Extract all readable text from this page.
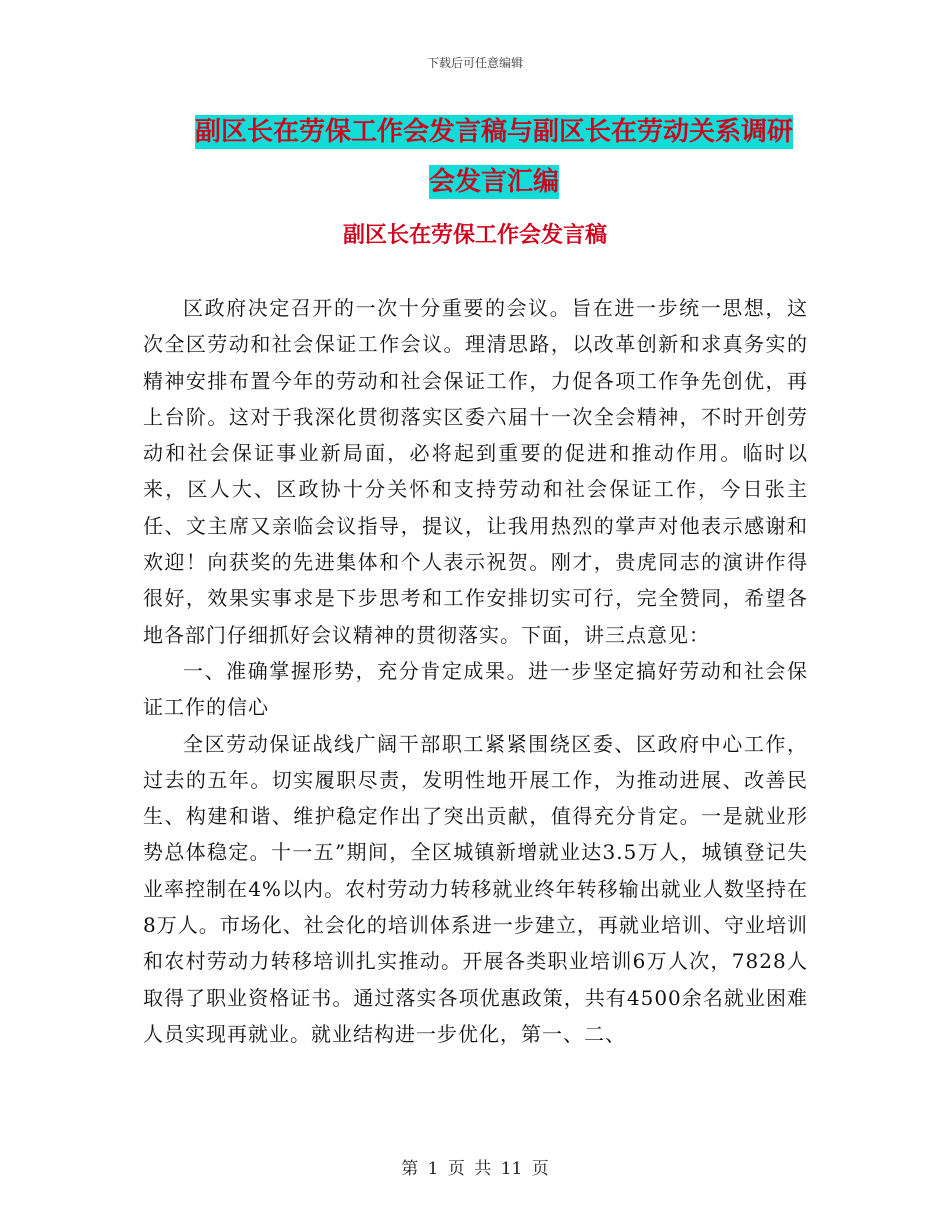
下载后可任意编辑
副区长在劳保工作会发言稿与副区长在劳动关系调研
会发言汇编
副区长在劳保工作会发言稿

区政府决定召开的一次十分重要的会议。旨在进一步统一思想，这次全区劳动和社会保证工作会议。理清思路，以改革创新和求真务实的精神安排布置今年的劳动和社会保证工作，力促各项工作争先创优，再上台阶。这对于我深化贯彻落实区委六届十一次全会精神，不时开创劳动和社会保证事业新局面，必将起到重要的促进和推动作用。临时以来，区人大、区政协十分关怀和支持劳动和社会保证工作，今日张主任、文主席又亲临会议指导，提议，让我用热烈的掌声对他表示感谢和欢迎！向获奖的先进集体和个人表示祝贺。刚才，贵虎同志的演讲作得很好，效果实事求是下步思考和工作安排切实可行，完全赞同，希望各地各部门仔细抓好会议精神的贯彻落实。下面，讲三点意见：

一、准确掌握形势，充分肯定成果。进一步坚定搞好劳动和社会保证工作的信心

全区劳动保证战线广阔干部职工紧紧围绕区委、区政府中心工作，过去的五年。切实履职尽责，发明性地开展工作，为推动进展、改善民生、构建和谐、维护稳定作出了突出贡献，值得充分肯定。一是就业形势总体稳定。十一五”期间，全区城镇新增就业达3.5万人，城镇登记失业率控制在4%以内。农村劳动力转移就业终年转移输出就业人数坚持在8万人。市场化、社会化的培训体系进一步建立，再就业培训、守业培训和农村劳动力转移培训扎实推动。开展各类职业培训6万人次，7828人取得了职业资格证书。通过落实各项优惠政策，共有4500余名就业困难人员实现再就业。就业结构进一步优化，第一、二、

第 1 页 共 11 页
